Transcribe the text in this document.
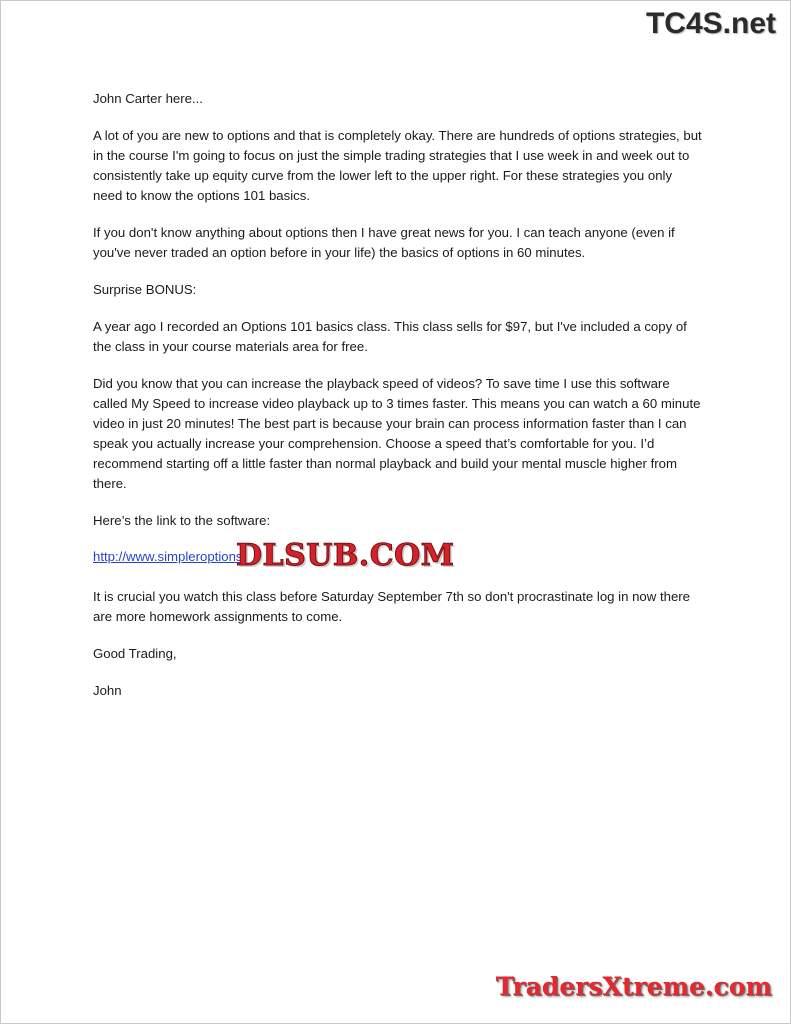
TC4S.net

John Carter here...

A lot of you are new to options and that is completely okay. There are hundreds of options strategies, but in the course I'm going to focus on just the simple trading strategies that I use week in and week out to consistently take up equity curve from the lower left to the upper right. For these strategies you only need to know the options 101 basics.

If you don't know anything about options then I have great news for you. I can teach anyone (even if you've never traded an option before in your life) the basics of options in 60 minutes.

Surprise BONUS:

A year ago I recorded an Options 101 basics class. This class sells for $97, but I've included a copy of the class in your course materials area for free.

Did you know that you can increase the playback speed of videos? To save time I use this software called My Speed to increase video playback up to 3 times faster. This means you can watch a 60 minute video in just 20 minutes! The best part is because your brain can process information faster than I can speak you actually increase your comprehension. Choose a speed that’s comfortable for you. I’d recommend starting off a little faster than normal playback and build your mental muscle higher from there.

Here’s the link to the software:

http://www.simpleroptions.
DLSUB.COM

It is crucial you watch this class before Saturday September 7th so don't procrastinate log in now there are more homework assignments to come.

Good Trading,

John

TradersXtreme.com
